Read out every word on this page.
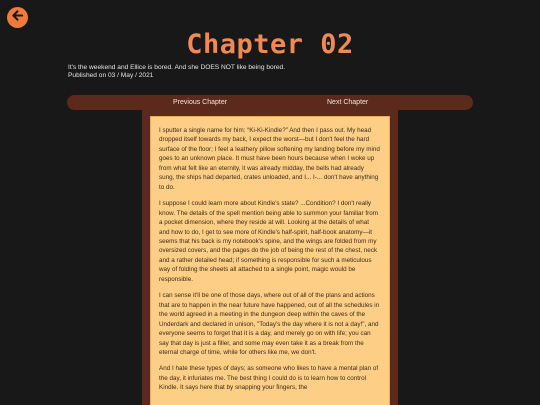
Chapter 02
It's the weekend and Ellice is bored. And she DOES NOT like being bored.
Published on 03 / May / 2021
Previous Chapter	Next Chapter

I sputter a single name for him: “Ki-Ki-Kindle?” And then I pass out. My head dropped itself towards my back, I expect the worst—but I don't feel the hard surface of the floor; I feel a leathery pillow softening my landing before my mind goes to an unknown place. It must have been hours because when I woke up from what felt like an eternity, it was already midday, the bells had already sung, the ships had departed, crates unloaded, and I... I-... don't have anything to do.

I suppose I could learn more about Kindle's state? ...Condition? I don't really know. The details of the spell mention being able to summon your familiar from a pocket dimension, where they reside at will. Looking at the details of what and how to do, I get to see more of Kindle's half-spirit, half-book anatomy—it seems that his back is my notebook's spine, and the wings are folded from my oversized covers, and the pages do the job of being the rest of the chest, neck and a rather detailed head; if something is responsible for such a meticulous way of folding the sheets all attached to a single point, magic would be responsible.

I can sense it'll be one of those days, where out of all of the plans and actions that are to happen in the near future have happened, out of all the schedules in the world agreed in a meeting in the dungeon deep within the caves of the Underdark and declared in unison, "Today's the day where it is not a day!", and everyone seems to forget that it is a day, and merely go on with life; you can say that day is just a filler, and some may even take it as a break from the eternal charge of time, while for others like me, we don't.

And I hate these types of days; as someone who likes to have a mental plan of the day, it infuriates me. The best thing I could do is to learn how to control Kindle. It says here that by snapping your fingers, the
